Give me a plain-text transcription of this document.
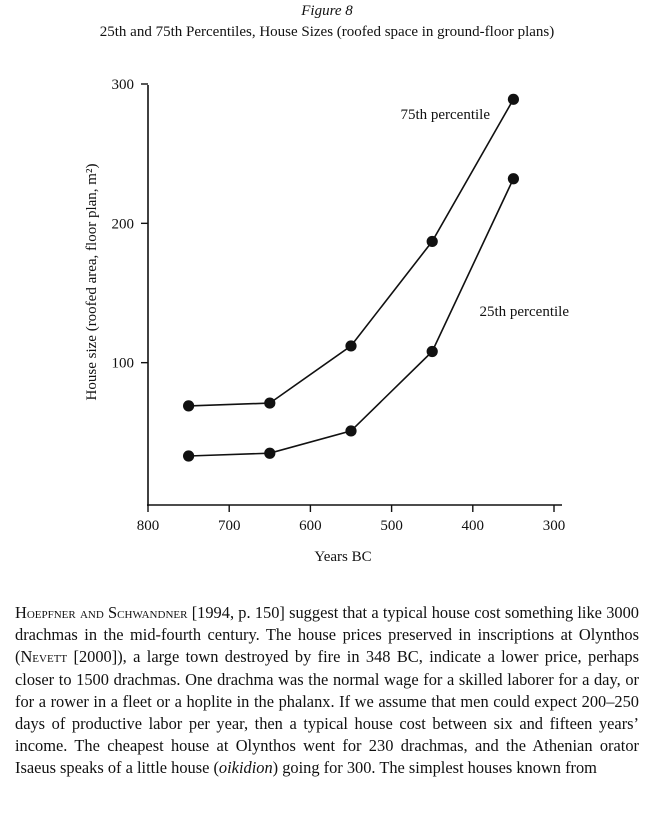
Figure 8
25th and 75th Percentiles, House Sizes (roofed space in ground-floor plans)
100
200
300
800	700	600	500	400	300
75th percentile
25th percentile
Years BC
House size (roofed area, floor plan, m²)

Hoepfner and Schwandner [1994, p. 150] suggest that a typical house cost something like 3000 drachmas in the mid-fourth century. The house prices preserved in inscriptions at Olynthos (Nevett [2000]), a large town destroyed by fire in 348 BC, indicate a lower price, perhaps closer to 1500 drachmas. One drachma was the normal wage for a skilled laborer for a day, or for a rower in a fleet or a hoplite in the phalanx. If we assume that men could expect 200–250 days of productive labor per year, then a typical house cost between six and fifteen years’ income. The cheapest house at Olynthos went for 230 drachmas, and the Athenian orator Isaeus speaks of a little house (oikidion) going for 300. The simplest houses known from
